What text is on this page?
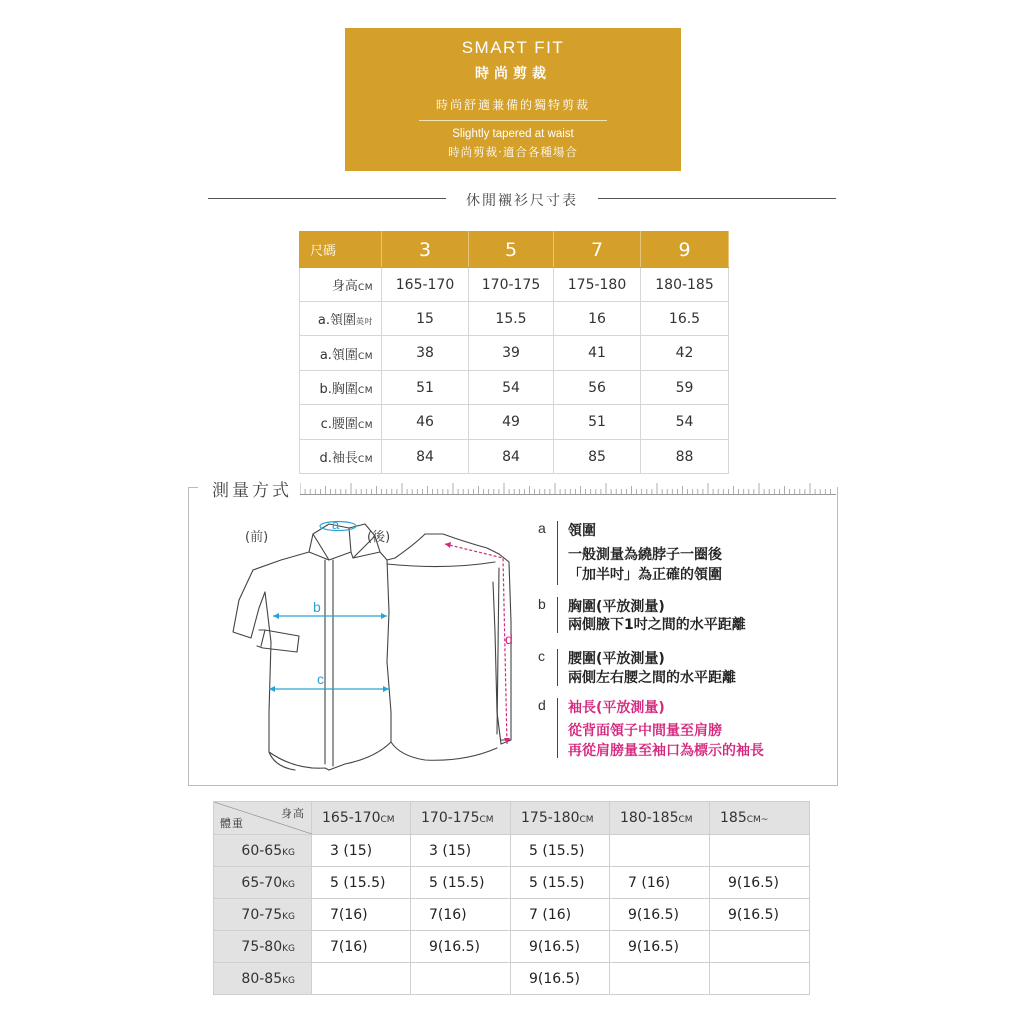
SMART FIT
時尚剪裁
時尚舒適兼備的獨特剪裁
Slightly tapered at waist
時尚剪裁‧適合各種場合
休閒襯衫尺寸表
尺碼	3	5	7	9
身高CM	165-170	170-175	175-180	180-185
a.領圍英吋	15	15.5	16	16.5
a.領圍CM	38	39	41	42
b.胸圍CM	51	54	56	59
c.腰圍CM	46	49	51	54
d.袖長CM	84	84	85	88
測量方式
(前)	(後)
a
b
c
d
a 領圍
一般測量為繞脖子一圈後
「加半吋」為正確的領圍
b 胸圍(平放測量)
兩側腋下1吋之間的水平距離
c 腰圍(平放測量)
兩側左右腰之間的水平距離
d 袖長(平放測量)
從背面領子中間量至肩膀
再從肩膀量至袖口為標示的袖長
身高
體重	165-170CM	170-175CM	175-180CM	180-185CM	185CM~
60-65KG	3 (15)	3 (15)	5 (15.5)		
65-70KG	5 (15.5)	5 (15.5)	5 (15.5)	7 (16)	9(16.5)
70-75KG	7(16)	7(16)	7 (16)	9(16.5)	9(16.5)
75-80KG	7(16)	9(16.5)	9(16.5)	9(16.5)	
80-85KG			9(16.5)		
